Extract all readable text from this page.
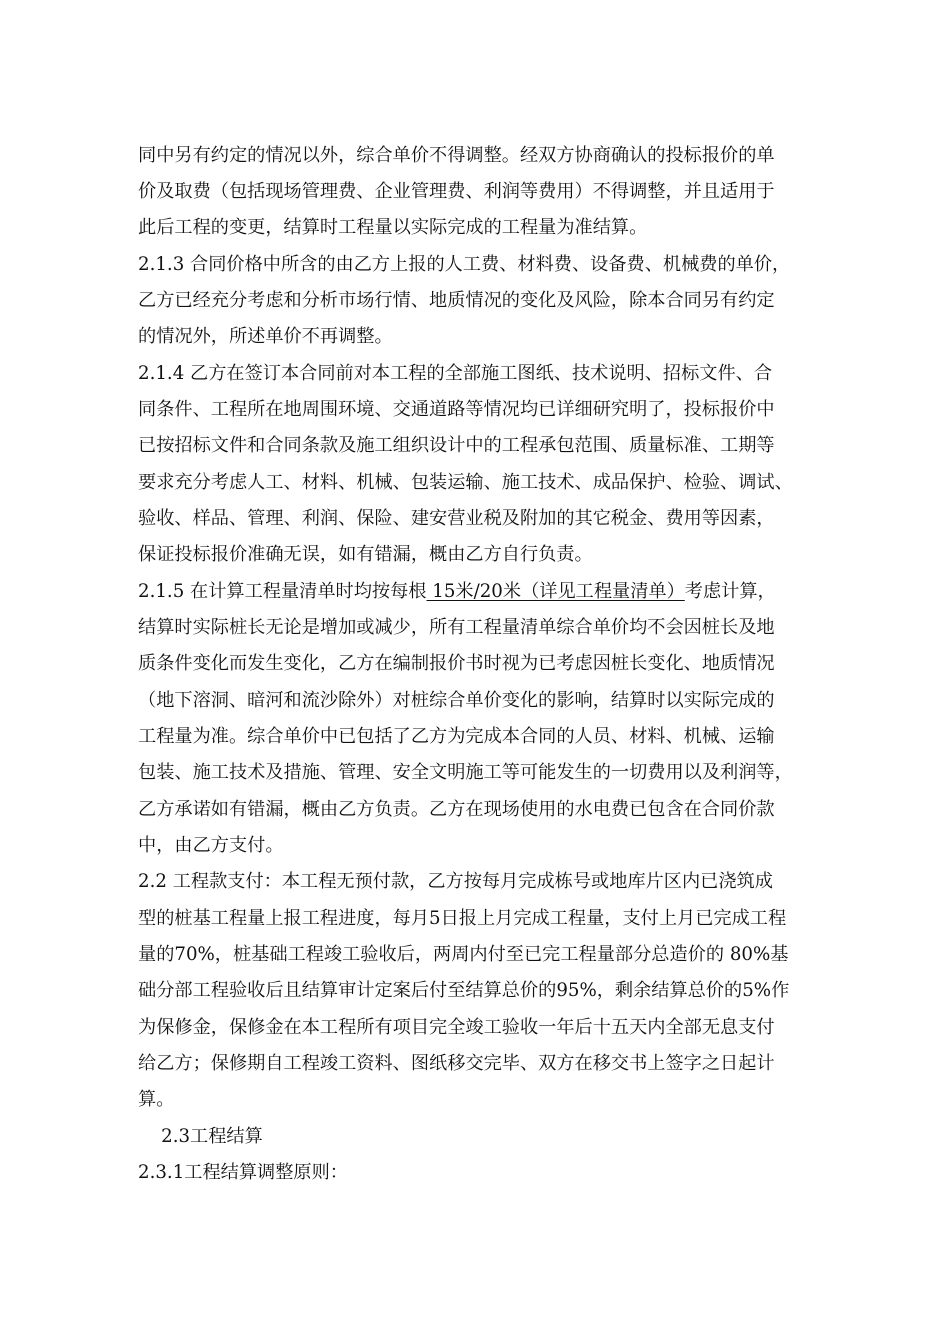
同中另有约定的情况以外，综合单价不得调整。经双方协商确认的投标报价的单
价及取费（包括现场管理费、企业管理费、利润等费用）不得调整，并且适用于
此后工程的变更，结算时工程量以实际完成的工程量为准结算。
2.1.3 合同价格中所含的由乙方上报的人工费、材料费、设备费、机械费的单价，
乙方已经充分考虑和分析市场行情、地质情况的变化及风险，除本合同另有约定
的情况外，所述单价不再调整。
2.1.4 乙方在签订本合同前对本工程的全部施工图纸、技术说明、招标文件、合
同条件、工程所在地周围环境、交通道路等情况均已详细研究明了，投标报价中
已按招标文件和合同条款及施工组织设计中的工程承包范围、质量标准、工期等
要求充分考虑人工、材料、机械、包装运输、施工技术、成品保护、检验、调试、
验收、样品、管理、利润、保险、建安营业税及附加的其它税金、费用等因素，
保证投标报价准确无误，如有错漏，概由乙方自行负责。
2.1.5 在计算工程量清单时均按每根 15米/20米（详见工程量清单）考虑计算，
结算时实际桩长无论是增加或减少，所有工程量清单综合单价均不会因桩长及地
质条件变化而发生变化，乙方在编制报价书时视为已考虑因桩长变化、地质情况
（地下溶洞、暗河和流沙除外）对桩综合单价变化的影响，结算时以实际完成的
工程量为准。综合单价中已包括了乙方为完成本合同的人员、材料、机械、运输
包装、施工技术及措施、管理、安全文明施工等可能发生的一切费用以及利润等，
乙方承诺如有错漏，概由乙方负责。乙方在现场使用的水电费已包含在合同价款
中，由乙方支付。
2.2 工程款支付：本工程无预付款，乙方按每月完成栋号或地库片区内已浇筑成
型的桩基工程量上报工程进度，每月5日报上月完成工程量，支付上月已完成工程
量的70%，桩基础工程竣工验收后，两周内付至已完工程量部分总造价的 80%基
础分部工程验收后且结算审计定案后付至结算总价的95%，剩余结算总价的5%作
为保修金，保修金在本工程所有项目完全竣工验收一年后十五天内全部无息支付
给乙方；保修期自工程竣工资料、图纸移交完毕、双方在移交书上签字之日起计
算。
2.3工程结算
2.3.1工程结算调整原则：
